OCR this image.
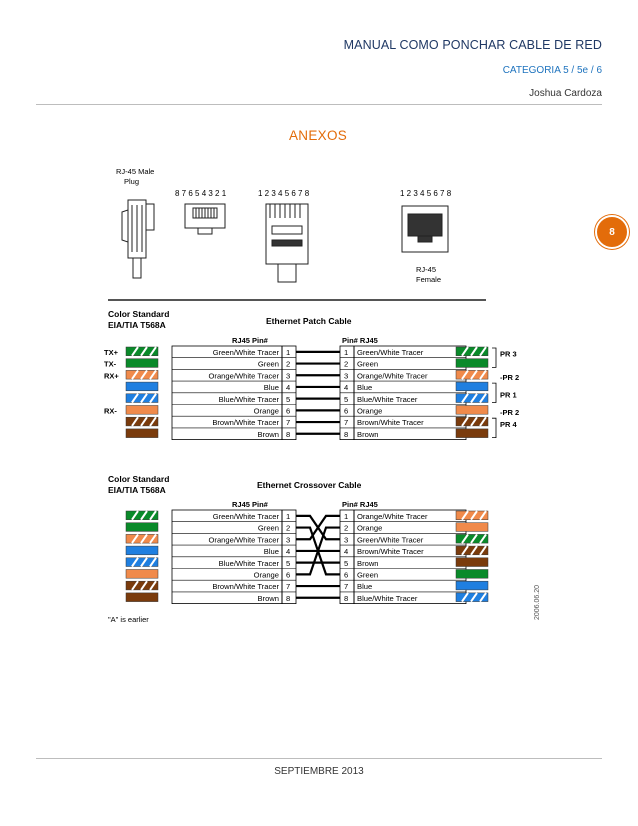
MANUAL COMO PONCHAR CABLE DE RED
CATEGORIA 5 / 5e / 6
Joshua Cardoza
ANEXOS
8
RJ-45 Male
Plug
8 7 6 5 4 3 2 1	1 2 3 4 5 6 7 8	1 2 3 4 5 6 7 8
RJ-45
Female
Color Standard
EIA/TIA T568A	Ethernet Patch Cable
RJ45 Pin#	Pin# RJ45
Green/White Tracer 1	1 Green/White Tracer
Green 2	2 Green
Orange/White Tracer 3	3 Orange/White Tracer
Blue 4	4 Blue
Blue/White Tracer 5	5 Blue/White Tracer
Orange 6	6 Orange
Brown/White Tracer 7	7 Brown/White Tracer
Brown 8	8 Brown
TX+
TX-
RX+
RX-
PR 3
-PR 2
PR 1
-PR 2
PR 4
Color Standard
EIA/TIA T568A	Ethernet Crossover Cable
RJ45 Pin#	Pin# RJ45
Green/White Tracer 1	1 Orange/White Tracer
Green 2	2 Orange
Orange/White Tracer 3	3 Green/White Tracer
Blue 4	4 Brown/White Tracer
Blue/White Tracer 5	5 Brown
Orange 6	6 Green
Brown/White Tracer 7	7 Blue
Brown 8	8 Blue/White Tracer
"A" is earlier	2006.06.20
SEPTIEMBRE 2013
